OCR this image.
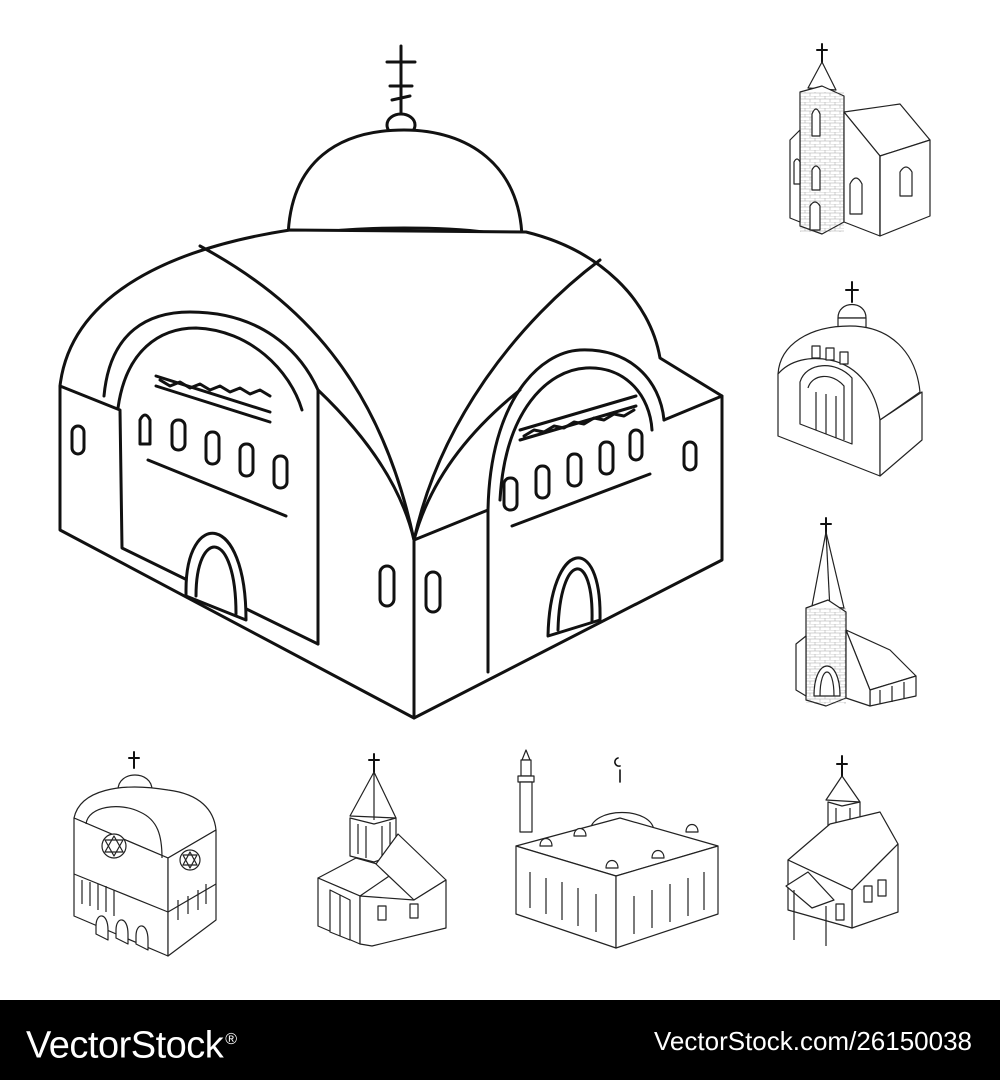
VectorStock ®	VectorStock.com/26150038
